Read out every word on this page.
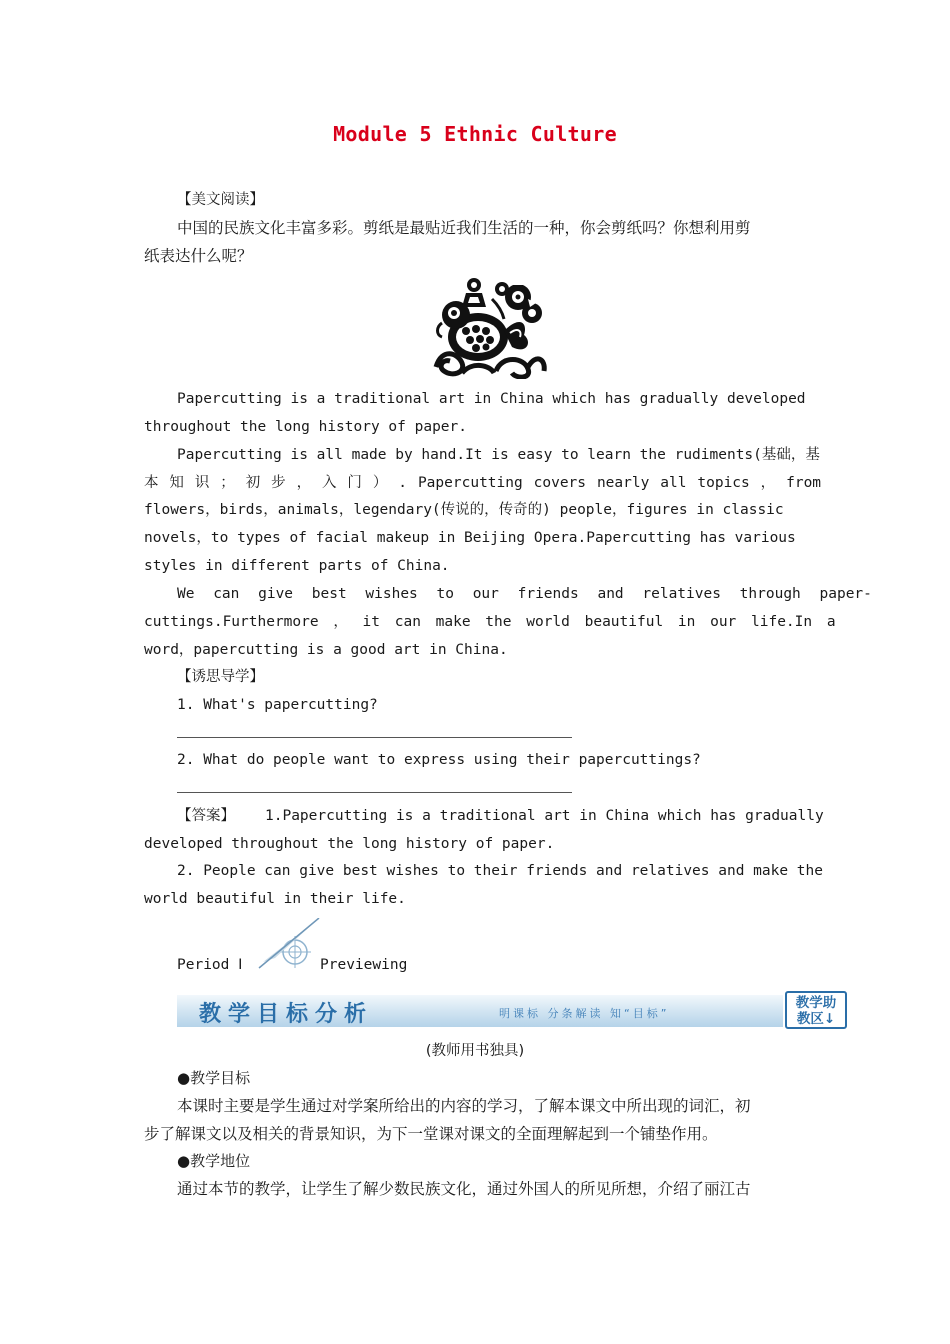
Module 5 Ethnic Culture
【美文阅读】
中国的民族文化丰富多彩。剪纸是最贴近我们生活的一种，你会剪纸吗？你想利用剪
纸表达什么呢？
Papercutting is a traditional art in China which has gradually developed
throughout the long history of paper.
Papercutting is all made by hand.It is easy to learn the rudiments(基础，基
本 知 识 ； 初 步 ， 入 门 ） . Papercutting covers nearly all topics ， from
flowers，birds，animals，legendary(传说的，传奇的) people，figures in classic
novels，to types of facial makeup in Beijing Opera.Papercutting has various
styles in different parts of China.
We can give best wishes to our friends and relatives through paper-
cuttings.Furthermore ， it can make the world beautiful in our life.In a
word，papercutting is a good art in China.
【诱思导学】
1. What's papercutting?
2. What do people want to express using their papercuttings?
【答案】 1.Papercutting is a traditional art in China which has gradually
developed throughout the long history of paper.
2. People can give best wishes to their friends and relatives and make the
world beautiful in their life.
Period Ⅰ	Previewing
教学目标分析	明课标 分条解读 知“目标”
教学助
教区↓
(教师用书独具)
●教学目标
本课时主要是学生通过对学案所给出的内容的学习，了解本课文中所出现的词汇，初
步了解课文以及相关的背景知识，为下一堂课对课文的全面理解起到一个铺垫作用。
●教学地位
通过本节的教学，让学生了解少数民族文化，通过外国人的所见所想，介绍了丽江古
